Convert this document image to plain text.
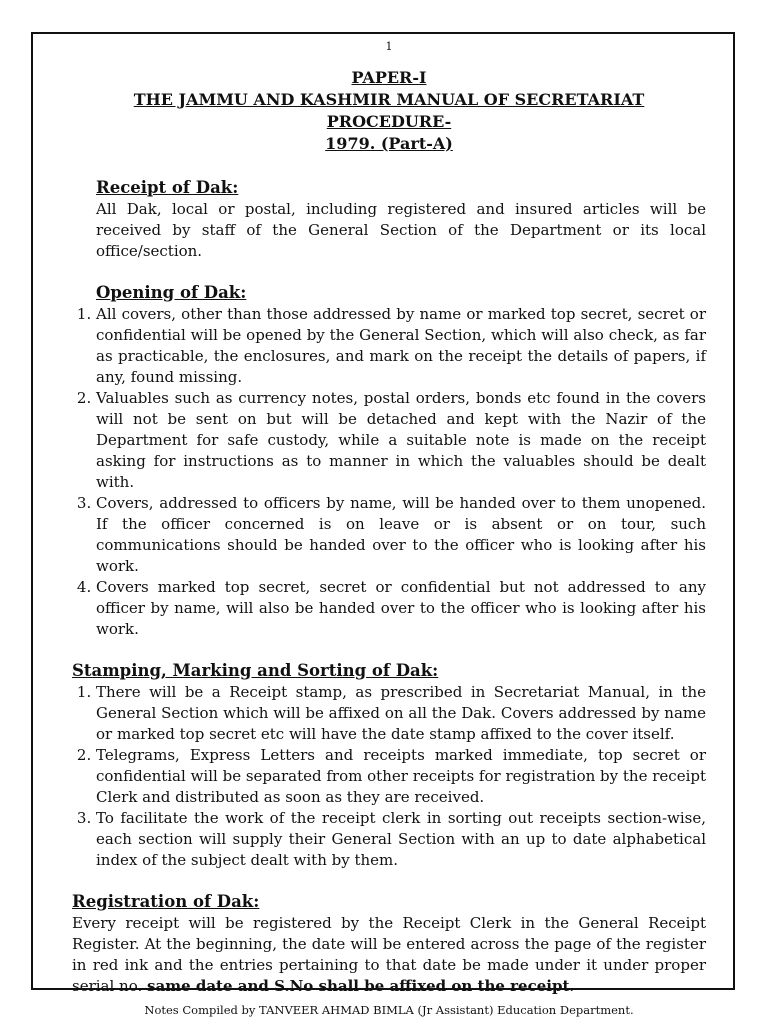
1

PAPER-I

THE JAMMU AND KASHMIR MANUAL OF SECRETARIAT PROCEDURE-

1979. (Part-A)

Receipt of Dak:

All Dak, local or postal, including registered and insured articles will be received by staff of the General Section of the Department or its local office/section.

Opening of Dak:

1. All covers, other than those addressed by name or marked top secret, secret or confidential will be opened by the General Section, which will also check, as far as practicable, the enclosures, and mark on the receipt the details of papers, if any, found missing.
2. Valuables such as currency notes, postal orders, bonds etc found in the covers will not be sent on but will be detached and kept with the Nazir of the Department for safe custody, while a suitable note is made on the receipt asking for instructions as to manner in which the valuables should be dealt with.
3. Covers, addressed to officers by name, will be handed over to them unopened. If the officer concerned is on leave or is absent or on tour, such communications should be handed over to the officer who is looking after his work.
4. Covers marked top secret, secret or confidential but not addressed to any officer by name, will also be handed over to the officer who is looking after his work.

Stamping, Marking and Sorting of Dak:

1. There will be a Receipt stamp, as prescribed in Secretariat Manual, in the General Section which will be affixed on all the Dak. Covers addressed by name or marked top secret etc will have the date stamp affixed to the cover itself.
2. Telegrams, Express Letters and receipts marked immediate, top secret or confidential will be separated from other receipts for registration by the receipt Clerk and distributed as soon as they are received.
3. To facilitate the work of the receipt clerk in sorting out receipts section-wise, each section will supply their General Section with an up to date alphabetical index of the subject dealt with by them.

Registration of Dak:

Every receipt will be registered by the Receipt Clerk in the General Receipt Register. At the beginning, the date will be entered across the page of the register in red ink and the entries pertaining to that date be made under it under proper serial no. same date and S.No shall be affixed on the receipt.

Notes Compiled by TANVEER AHMAD BIMLA (Jr Assistant) Education Department.
